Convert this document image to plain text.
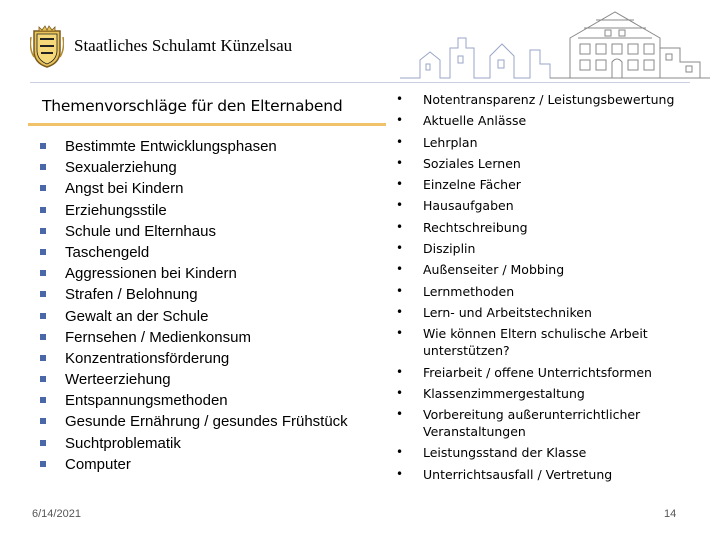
Staatliches Schulamt Künzelsau
Themenvorschläge für den Elternabend
Bestimmte Entwicklungsphasen
Sexualerziehung
Angst bei Kindern
Erziehungsstile
Schule und Elternhaus
Taschengeld
Aggressionen bei Kindern
Strafen / Belohnung
Gewalt an der Schule
Fernsehen / Medienkonsum
Konzentrationsförderung
Werteerziehung
Entspannungsmethoden
Gesunde Ernährung / gesundes Frühstück
Suchtproblematik
Computer
• Notentransparenz / Leistungsbewertung
• Aktuelle Anlässe
• Lehrplan
• Soziales Lernen
• Einzelne Fächer
• Hausaufgaben
• Rechtschreibung
• Disziplin
• Außenseiter / Mobbing
• Lernmethoden
• Lern- und Arbeitstechniken
• Wie können Eltern schulische Arbeit unterstützen?
• Freiarbeit / offene Unterrichtsformen
• Klassenzimmergestaltung
• Vorbereitung außerunterrichtlicher Veranstaltungen
• Leistungsstand der Klasse
• Unterrichtsausfall / Vertretung
6/14/2021	14
